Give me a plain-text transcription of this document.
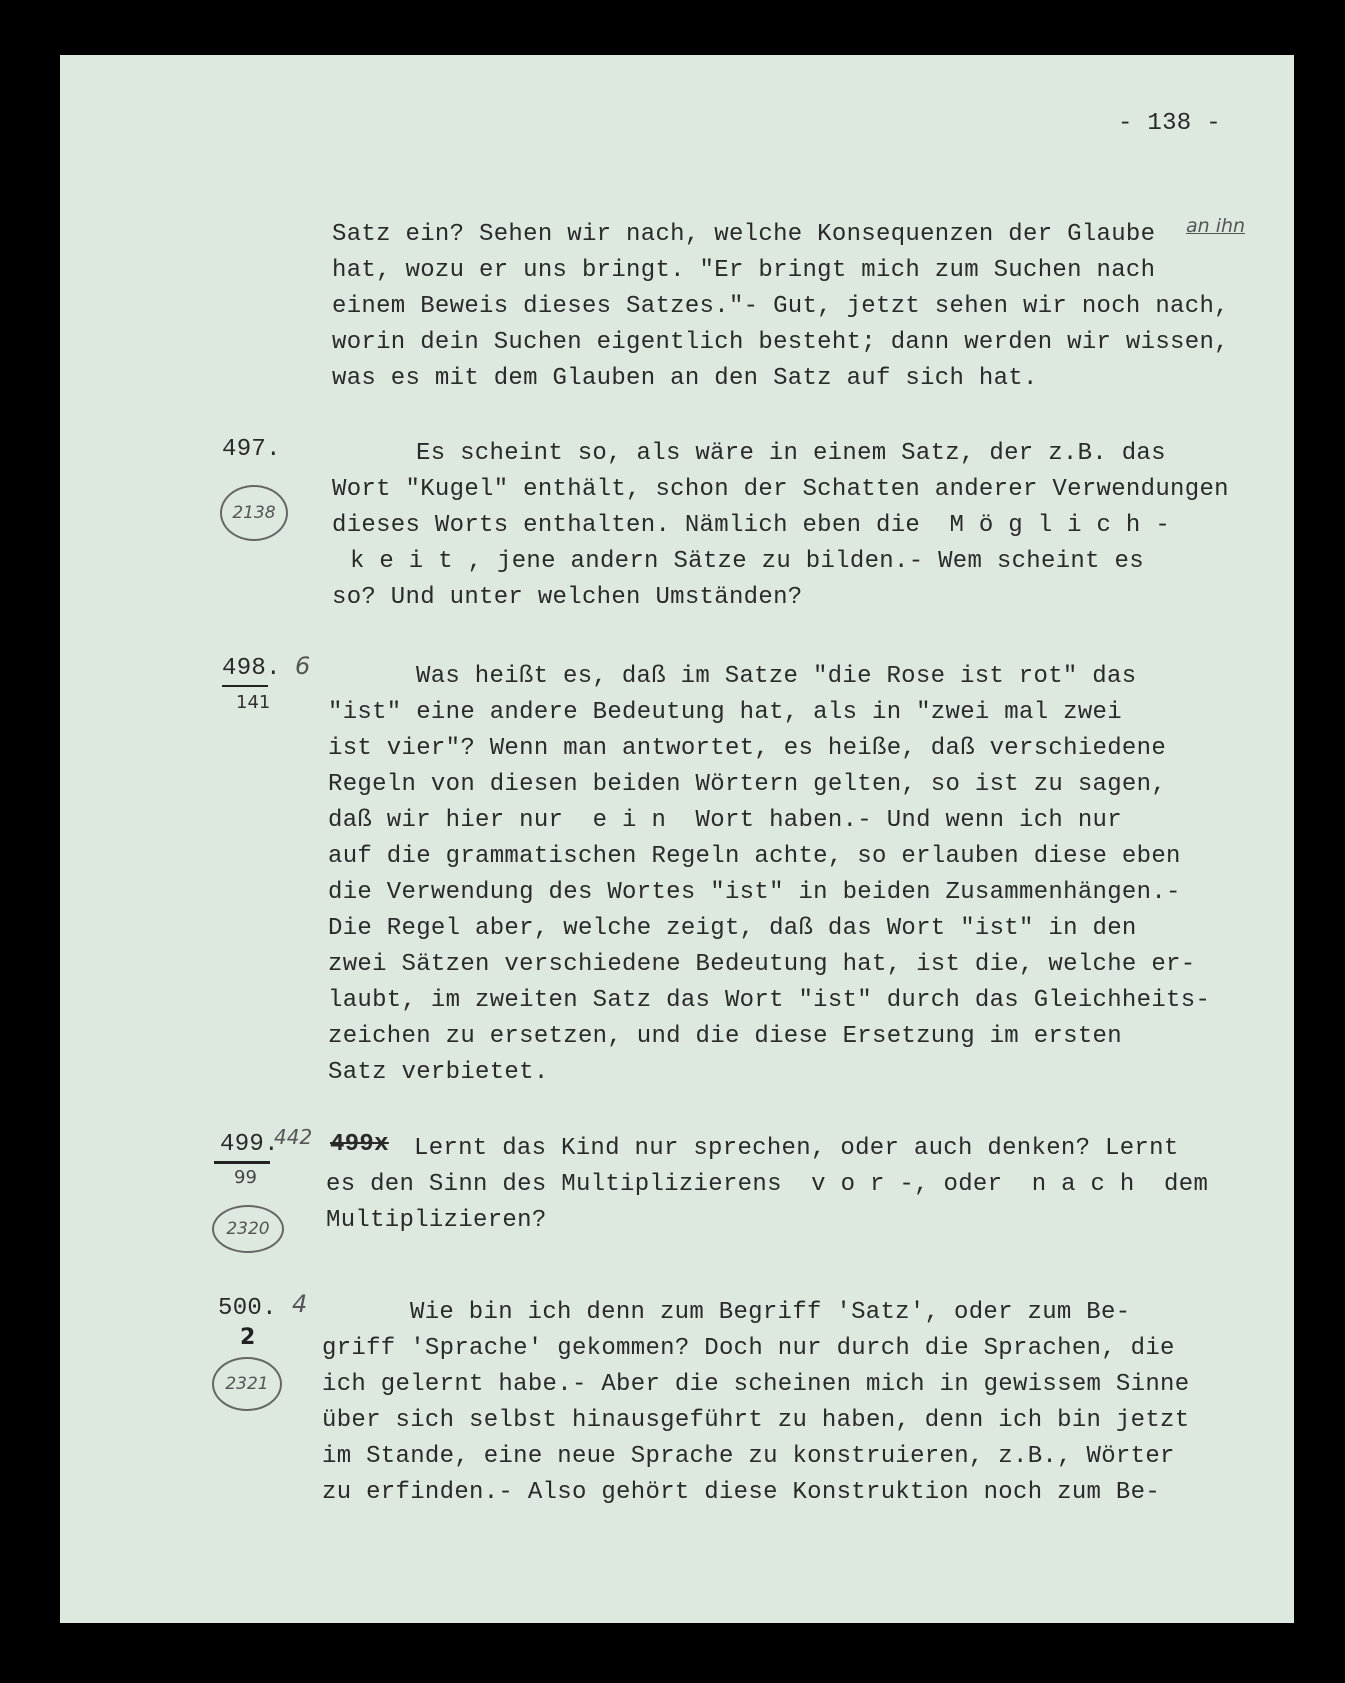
- 138 -
Satz ein? Sehen wir nach, welche Konsequenzen der Glaube an ihn
hat, wozu er uns bringt. "Er bringt mich zum Suchen nach
einem Beweis dieses Satzes."- Gut, jetzt sehen wir noch nach,
worin dein Suchen eigentlich besteht; dann werden wir wissen,
was es mit dem Glauben an den Satz auf sich hat.
497.
2138
Es scheint so, als wäre in einem Satz, der z.B. das
Wort "Kugel" enthält, schon der Schatten anderer Verwendungen
dieses Worts enthalten. Nämlich eben die  M ö g l i c h -
k e i t , jene andern Sätze zu bilden.- Wem scheint es
so? Und unter welchen Umständen?
498. 6
141
Was heißt es, daß im Satze "die Rose ist rot" das
"ist" eine andere Bedeutung hat, als in "zwei mal zwei
ist vier"? Wenn man antwortet, es heiße, daß verschiedene
Regeln von diesen beiden Wörtern gelten, so ist zu sagen,
daß wir hier nur  e i n  Wort haben.- Und wenn ich nur
auf die grammatischen Regeln achte, so erlauben diese eben
die Verwendung des Wortes "ist" in beiden Zusammenhängen.-
Die Regel aber, welche zeigt, daß das Wort "ist" in den
zwei Sätzen verschiedene Bedeutung hat, ist die, welche er-
laubt, im zweiten Satz das Wort "ist" durch das Gleichheits-
zeichen zu ersetzen, und die diese Ersetzung im ersten
Satz verbietet.
499.
442 499x
99
2320
Lernt das Kind nur sprechen, oder auch denken? Lernt
es den Sinn des Multiplizierens  v o r -, oder  n a c h  dem
Multiplizieren?
500. 4
2
2321
Wie bin ich denn zum Begriff 'Satz', oder zum Be-
griff 'Sprache' gekommen? Doch nur durch die Sprachen, die
ich gelernt habe.- Aber die scheinen mich in gewissem Sinne
über sich selbst hinausgeführt zu haben, denn ich bin jetzt
im Stande, eine neue Sprache zu konstruieren, z.B., Wörter
zu erfinden.- Also gehört diese Konstruktion noch zum Be-
